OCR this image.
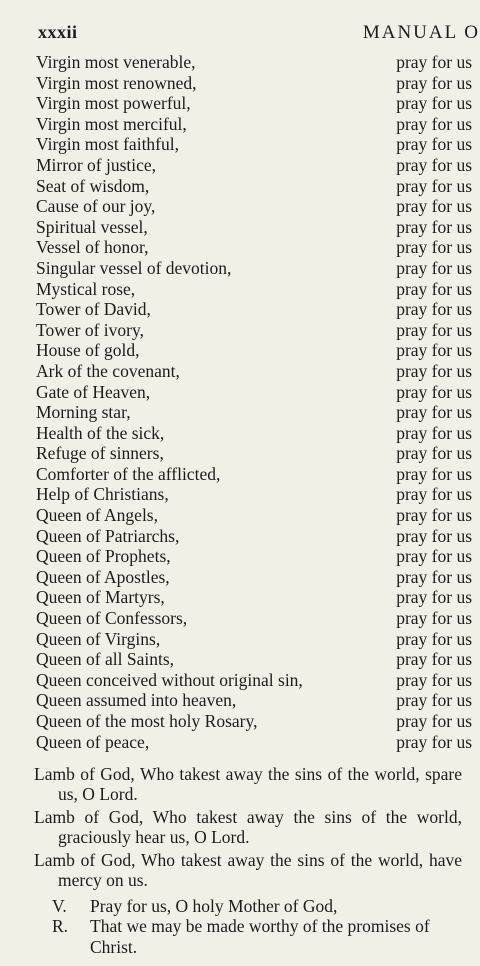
xxxii	MANUAL O
Virgin most venerable,	pray for us
Virgin most renowned,	pray for us
Virgin most powerful,	pray for us
Virgin most merciful,	pray for us
Virgin most faithful,	pray for us
Mirror of justice,	pray for us
Seat of wisdom,	pray for us
Cause of our joy,	pray for us
Spiritual vessel,	pray for us
Vessel of honor,	pray for us
Singular vessel of devotion,	pray for us
Mystical rose,	pray for us
Tower of David,	pray for us
Tower of ivory,	pray for us
House of gold,	pray for us
Ark of the covenant,	pray for us
Gate of Heaven,	pray for us
Morning star,	pray for us
Health of the sick,	pray for us
Refuge of sinners,	pray for us
Comforter of the afflicted,	pray for us
Help of Christians,	pray for us
Queen of Angels,	pray for us
Queen of Patriarchs,	pray for us
Queen of Prophets,	pray for us
Queen of Apostles,	pray for us
Queen of Martyrs,	pray for us
Queen of Confessors,	pray for us
Queen of Virgins,	pray for us
Queen of all Saints,	pray for us
Queen conceived without original sin,	pray for us
Queen assumed into heaven,	pray for us
Queen of the most holy Rosary,	pray for us
Queen of peace,	pray for us

Lamb of God, Who takest away the sins of the world, spare us, O Lord.

Lamb of God, Who takest away the sins of the world, graciously hear us, O Lord.

Lamb of God, Who takest away the sins of the world, have mercy on us.

V.	Pray for us, O holy Mother of God,
R.	That we may be made worthy of the promises of Christ.
